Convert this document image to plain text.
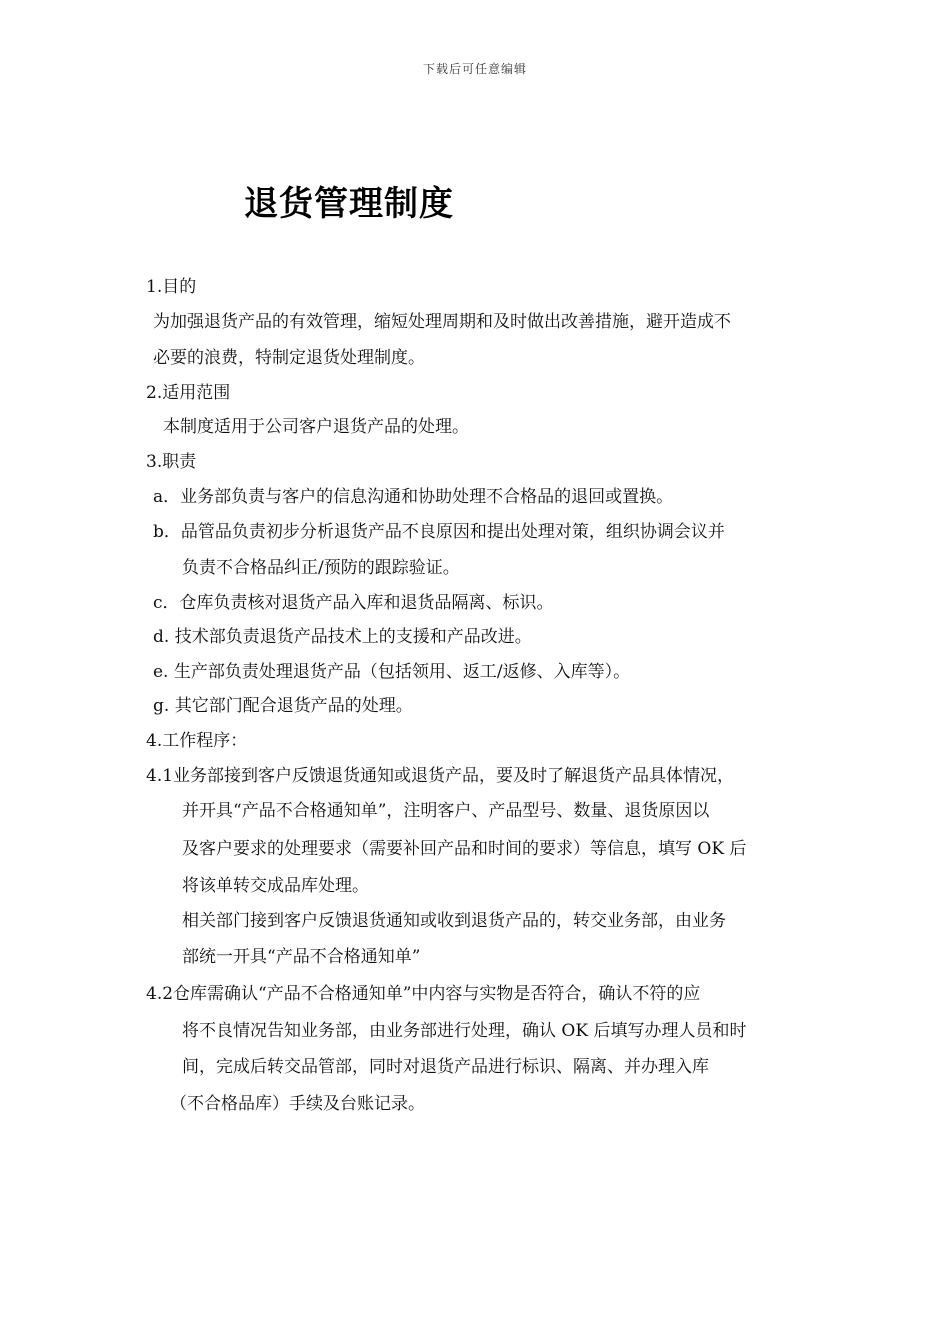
下载后可任意编辑
退货管理制度
1.目的
为加强退货产品的有效管理，缩短处理周期和及时做出改善措施，避开造成不
必要的浪费，特制定退货处理制度。
2.适用范围
本制度适用于公司客户退货产品的处理。
3.职责
a．业务部负责与客户的信息沟通和协助处理不合格品的退回或置换。
b．品管品负责初步分析退货产品不良原因和提出处理对策，组织协调会议并
负责不合格品纠正/预防的跟踪验证。
c．仓库负责核对退货产品入库和退货品隔离、标识。
d. 技术部负责退货产品技术上的支援和产品改进。
e. 生产部负责处理退货产品（包括领用、返工/返修、入库等）。
g. 其它部门配合退货产品的处理。
4.工作程序：
4.1业务部接到客户反馈退货通知或退货产品，要及时了解退货产品具体情况，
并开具“产品不合格通知单”，注明客户、产品型号、数量、退货原因以
及客户要求的处理要求（需要补回产品和时间的要求）等信息，填写 OK 后
将该单转交成品库处理。
相关部门接到客户反馈退货通知或收到退货产品的，转交业务部，由业务
部统一开具“产品不合格通知单”
4.2仓库需确认“产品不合格通知单”中内容与实物是否符合，确认不符的应
将不良情况告知业务部，由业务部进行处理，确认 OK 后填写办理人员和时
间，完成后转交品管部，同时对退货产品进行标识、隔离、并办理入库
（不合格品库）手续及台账记录。
